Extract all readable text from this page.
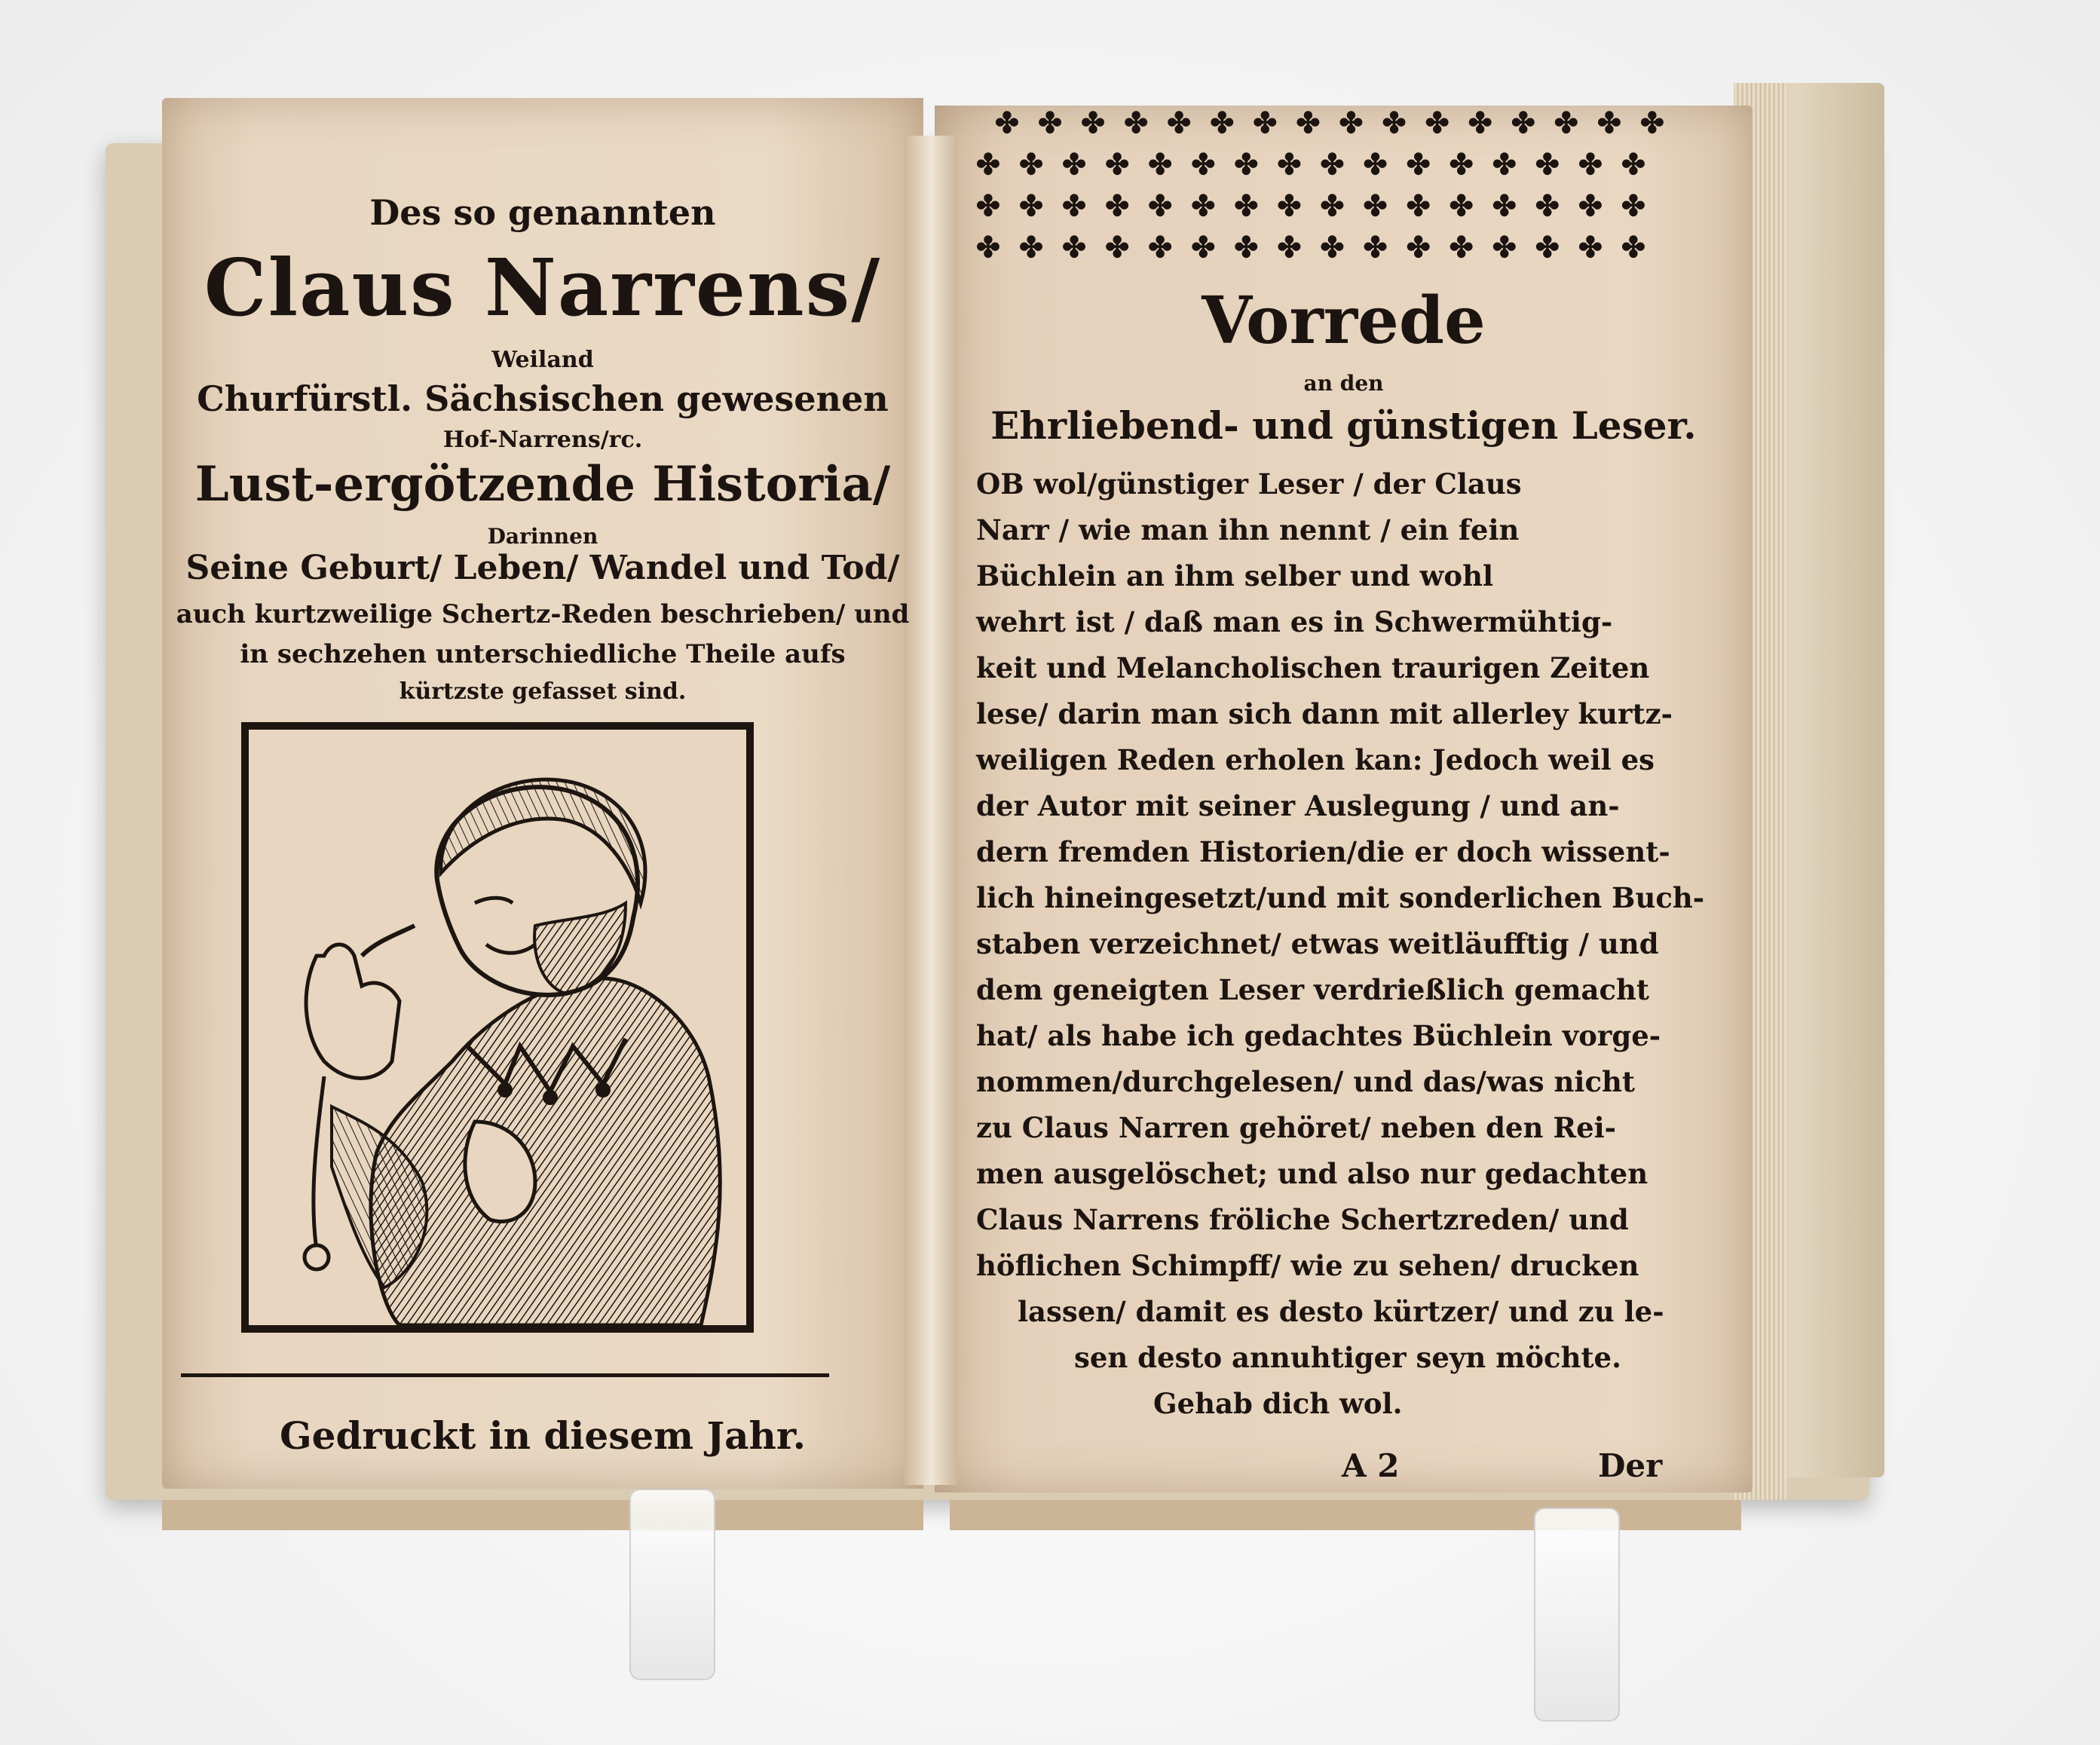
Des so genannten
Claus Narrens/
Weiland
Churfürstl. Sächsischen gewesenen
Hof-Narrens/rc.
Lust-ergötzende Historia/
Darinnen
Seine Geburt/ Leben/ Wandel und Tod/
auch kurtzweilige Schertz-Reden beschrieben/ und
in sechzehen unterschiedliche Theile aufs
kürtzste gefasset sind.
Gedruckt in diesem Jahr.
✤ ✤ ✤ ✤ ✤ ✤ ✤ ✤ ✤ ✤ ✤ ✤ ✤ ✤ ✤ ✤
✤ ✤ ✤ ✤ ✤ ✤ ✤ ✤ ✤ ✤ ✤ ✤ ✤ ✤ ✤ ✤
✤ ✤ ✤ ✤ ✤ ✤ ✤ ✤ ✤ ✤ ✤ ✤ ✤ ✤ ✤ ✤
✤ ✤ ✤ ✤ ✤ ✤ ✤ ✤ ✤ ✤ ✤ ✤ ✤ ✤ ✤ ✤
Vorrede
an den
Ehrliebend- und günstigen Leser.
OB wol/günstiger Leser / der Claus
Narr / wie man ihn nennt / ein fein
Büchlein an ihm selber und wohl
wehrt ist / daß man es in Schwermühtig-
keit und Melancholischen traurigen Zeiten
lese/ darin man sich dann mit allerley kurtz-
weiligen Reden erholen kan: Jedoch weil es
der Autor mit seiner Auslegung / und an-
dern fremden Historien/die er doch wissent-
lich hineingesetzt/und mit sonderlichen Buch-
staben verzeichnet/ etwas weitläufftig / und
dem geneigten Leser verdrießlich gemacht
hat/ als habe ich gedachtes Büchlein vorge-
nommen/durchgelesen/ und das/was nicht
zu Claus Narren gehöret/ neben den Rei-
men ausgelöschet; und also nur gedachten
Claus Narrens fröliche Schertzreden/ und
höflichen Schimpff/ wie zu sehen/ drucken
lassen/ damit es desto kürtzer/ und zu le-
sen desto annuhtiger seyn möchte.
Gehab dich wol.
A 2	Der
